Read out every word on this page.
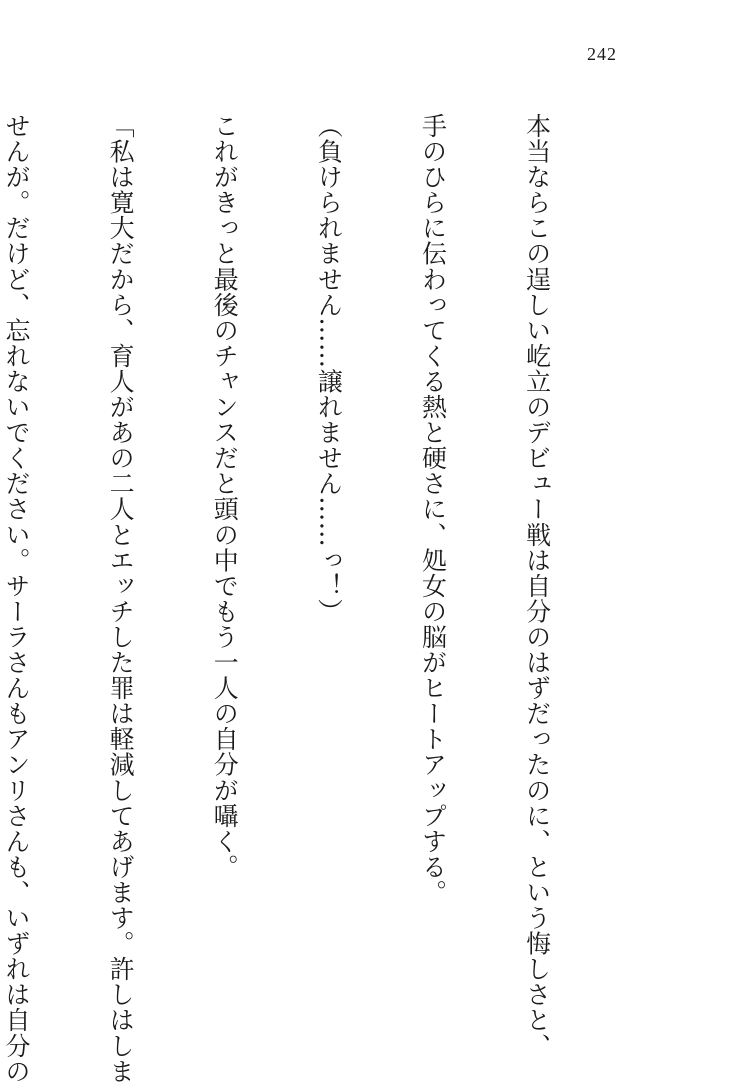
242

本当ならこの逞しい屹立のデビュー戦は自分のはずだったのに、という悔しさと、

手のひらに伝わってくる熱と硬さに、処女の脳がヒートアップする。

（負けられません……譲れません……っ！）

これがきっと最後のチャンスだと頭の中でもう一人の自分が囁く。

「私は寛大だから、育人があの二人とエッチした罪は軽減してあげます。許しはしま

せんが。だけど、忘れないでください。サーラさんもアンリさんも、いずれは自分の
